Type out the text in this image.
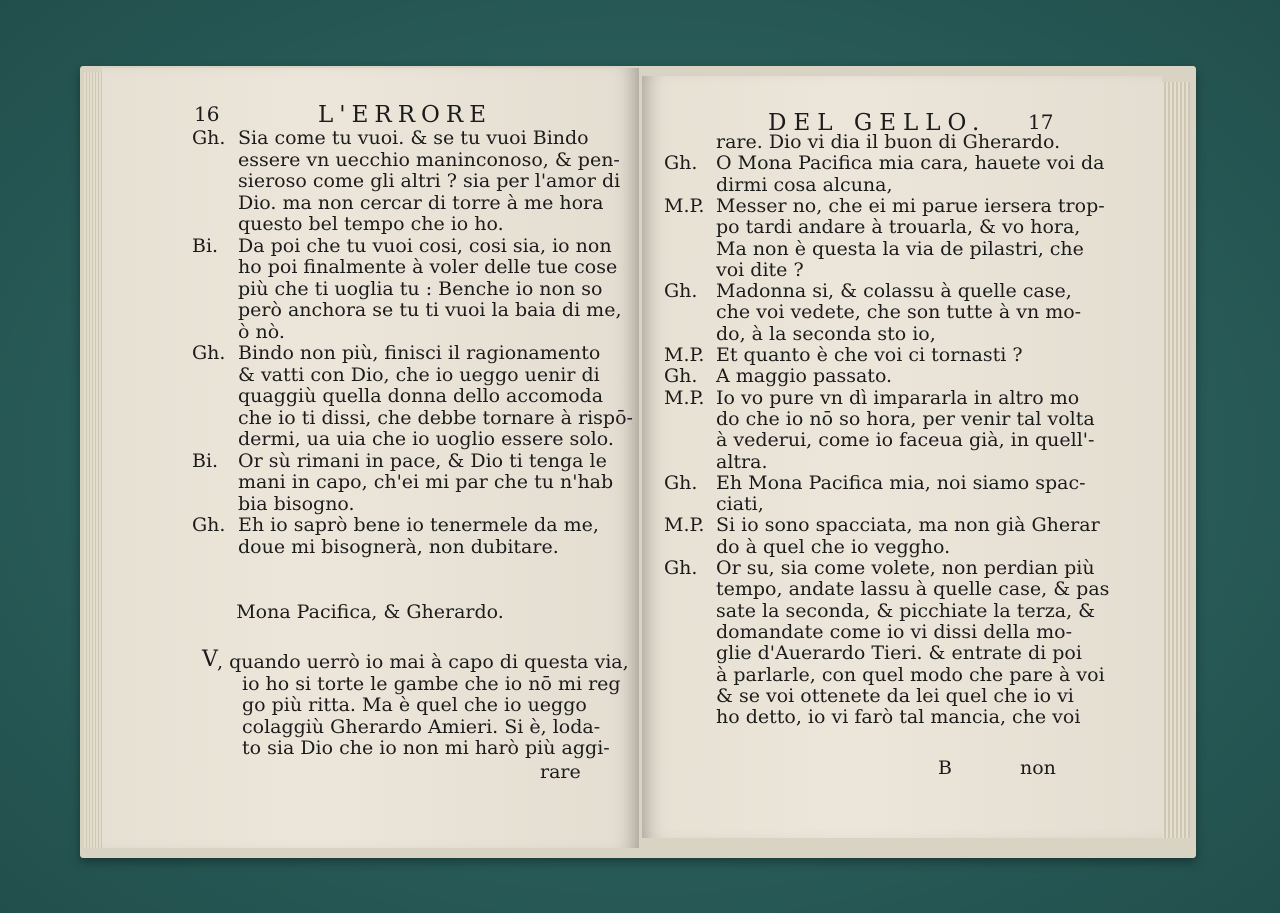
16	L'ERRORE
Gh. Sia come tu vuoi. & se tu vuoi Bindo
essere vn uecchio maninconoso, & pen-
sieroso come gli altri ? sia per l'amor di
Dio. ma non cercar di torre à me hora
questo bel tempo che io ho.
Bi. Da poi che tu vuoi cosi, cosi sia, io non
ho poi finalmente à voler delle tue cose
più che ti uoglia tu : Benche io non so
però anchora se tu ti vuoi la baia di me,
ò nò.
Gh. Bindo non più, finisci il ragionamento
& vatti con Dio, che io ueggo uenir di
quaggiù quella donna dello accomoda
che io ti dissi, che debbe tornare à rispō-
dermi, ua uia che io uoglio essere solo.
Bi. Or sù rimani in pace, & Dio ti tenga le
mani in capo, ch'ei mi par che tu n'hab
bia bisogno.
Gh. Eh io saprò bene io tenermele da me,
doue mi bisognerà, non dubitare.
Mona Pacifica, & Gherardo.
V , quando uerrò io mai à capo di questa via,
io ho si torte le gambe che io nō mi reg
go più ritta. Ma è quel che io ueggo
colaggiù Gherardo Amieri. Si è, loda-
to sia Dio che io non mi harò più aggi-
rare
DEL GELLO. 17
rare. Dio vi dia il buon di Gherardo.
Gh. O Mona Pacifica mia cara, hauete voi da
dirmi cosa alcuna,
M.P. Messer no, che ei mi parue iersera trop-
po tardi andare à trouarla, & vo hora,
Ma non è questa la via de pilastri, che
voi dite ?
Gh. Madonna si, & colassu à quelle case,
che voi vedete, che son tutte à vn mo-
do, à la seconda sto io,
M.P. Et quanto è che voi ci tornasti ?
Gh. A maggio passato.
M.P. Io vo pure vn dì impararla in altro mo
do che io nō so hora, per venir tal volta
à vederui, come io faceua già, in quell'-
altra.
Gh. Eh Mona Pacifica mia, noi siamo spac-
ciati,
M.P. Si io sono spacciata, ma non già Gherar
do à quel che io veggho.
Gh. Or su, sia come volete, non perdian più
tempo, andate lassu à quelle case, & pas
sate la seconda, & picchiate la terza, &
domandate come io vi dissi della mo-
glie d'Auerardo Tieri. & entrate di poi
à parlarle, con quel modo che pare à voi
& se voi ottenete da lei quel che io vi
ho detto, io vi farò tal mancia, che voi
B	non
